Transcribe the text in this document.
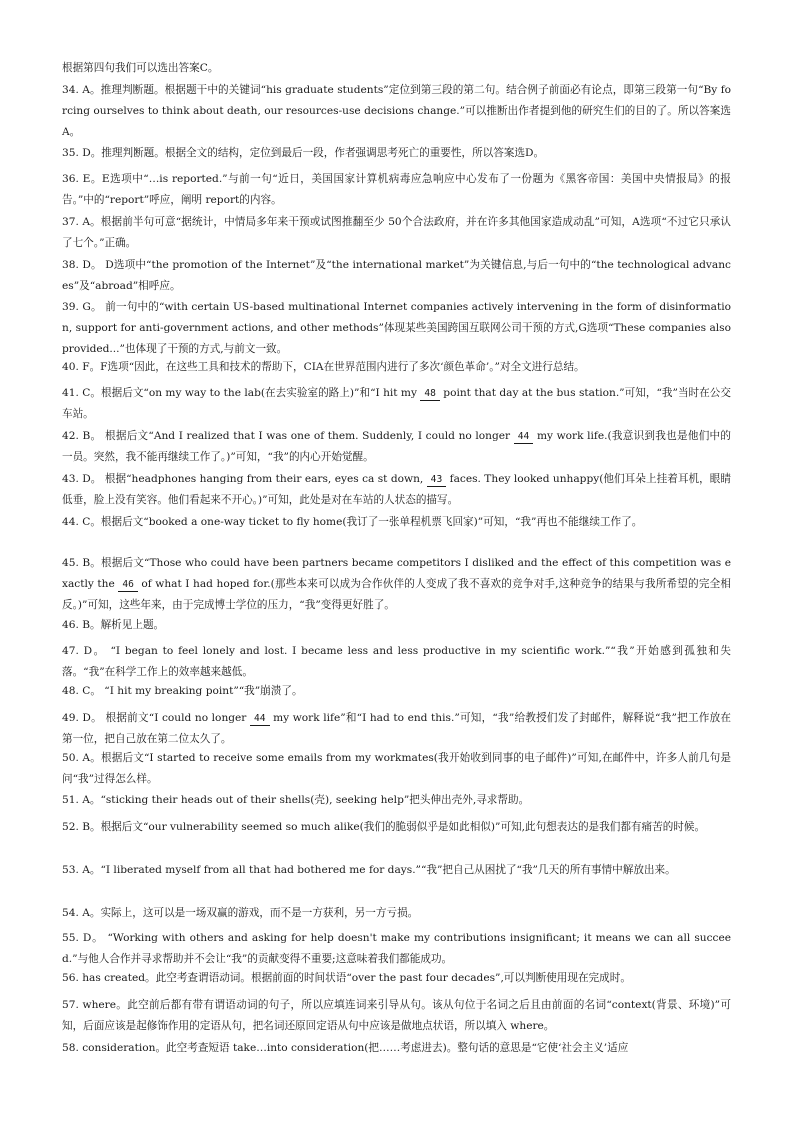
根据第四句我们可以选出答案C。

34. A。推理判断题。根据题干中的关键词“his graduate students”定位到第三段的第二句。结合例子前面必有论点，即第三段第一句“By forcing ourselves to think about death, our resources-use decisions change.”可以推断出作者提到他的研究生们的目的了。所以答案选A。

35. D。推理判断题。根据全文的结构，定位到最后一段，作者强调思考死亡的重要性，所以答案选D。

36. E。E选项中“…is reported.”与前一句“近日，美国国家计算机病毒应急响应中心发布了一份题为《黑客帝国：美国中央情报局》的报告。”中的“report”呼应，阐明 report的内容。

37. A。根据前半句可意“据统计，中情局多年来干预或试图推翻至少 50个合法政府，并在许多其他国家造成动乱”可知，A选项“不过它只承认了七个。”正确。

38. D。 D选项中“the promotion of the Internet”及“the international market”为关键信息,与后一句中的“the technological advances”及“abroad”相呼应。

39. G。 前一句中的“with certain US-based multinational Internet companies actively intervening in the form of disinformation, support for anti-government actions, and other methods”体现某些美国跨国互联网公司干预的方式,G选项“These companies also provided...”也体现了干预的方式,与前文一致。

40. F。F选项“因此，在这些工具和技术的帮助下，CIA在世界范围内进行了多次‘颜色革命’。”对全文进行总结。

41. C。根据后文“on my way to the lab(在去实验室的路上)”和“I hit my 48 point that day at the bus station.”可知，“我”当时在公交车站。

42. B。 根据后文“And I realized that I was one of them. Suddenly, I could no longer 44 my work life.(我意识到我也是他们中的一员。突然，我不能再继续工作了。)”可知，“我”的内心开始觉醒。

43. D。 根据“headphones hanging from their ears, eyes ca st down, 43 faces. They looked unhappy(他们耳朵上挂着耳机，眼睛低垂，脸上没有笑容。他们看起来不开心。)”可知，此处是对在车站的人状态的描写。

44. C。根据后文“booked a one-way ticket to fly home(我订了一张单程机票飞回家)”可知，“我”再也不能继续工作了。

45. B。根据后文“Those who could have been partners became competitors I disliked and the effect of this competition was exactly the 46 of what I had hoped for.(那些本来可以成为合作伙伴的人变成了我不喜欢的竞争对手,这种竞争的结果与我所希望的完全相反。)”可知，这些年来，由于完成博士学位的压力，“我”变得更好胜了。

46. B。解析见上题。

47. D。 “I began to feel lonely and lost. I became less and less productive in my scientific work.”“我”开始感到孤独和失落。“我”在科学工作上的效率越来越低。

48. C。 “I hit my breaking point”“我”崩溃了。

49. D。 根据前文“I could no longer 44 my work life”和“I had to end this.”可知，“我”给教授们发了封邮件，解释说“我”把工作放在第一位，把自己放在第二位太久了。

50. A。根据后文“I started to receive some emails from my workmates(我开始收到同事的电子邮件)”可知,在邮件中，许多人前几句是问“我”过得怎么样。

51. A。“sticking their heads out of their shells(壳), seeking help”把头伸出壳外,寻求帮助。

52. B。根据后文“our vulnerability seemed so much alike(我们的脆弱似乎是如此相似)”可知,此句想表达的是我们都有痛苦的时候。

53. A。“I liberated myself from all that had bothered me for days.”“我”把自己从困扰了“我”几天的所有事情中解放出来。

54. A。实际上，这可以是一场双赢的游戏，而不是一方获利，另一方亏损。

55. D。 “Working with others and asking for help doesn't make my contributions insignificant; it means we can all succeed.”与他人合作并寻求帮助并不会让“我”的贡献变得不重要;这意味着我们都能成功。

56. has created。此空考查谓语动词。根据前面的时间状语“over the past four decades”,可以判断使用现在完成时。

57. where。此空前后都有带有谓语动词的句子，所以应填连词来引导从句。该从句位于名词之后且由前面的名词“context(背景、环境)”可知，后面应该是起修饰作用的定语从句，把名词还原回定语从句中应该是做地点状语，所以填入 where。

58. consideration。此空考查短语 take…into consideration(把……考虑进去)。整句话的意思是“它使‘社会主义’适应
